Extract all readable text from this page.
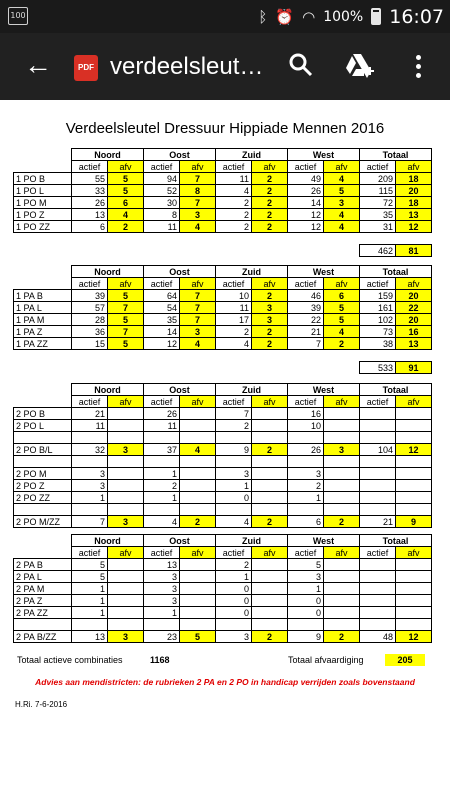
100	ᛒ ⏰ ◠ 100% 16:07
←	PDF verdeelsleut…
Verdeelsleutel Dressuur Hippiade Mennen 2016
	Noord		Oost		Zuid		West		Totaal	
	actief	afv	actief	afv	actief	afv	actief	afv	actief	afv
1 PO B	55	5	94	7	11	2	49	4	209	18
1 PO L	33	5	52	8	4	2	26	5	115	20
1 PO M	26	6	30	7	2	2	14	3	72	18
1 PO Z	13	4	8	3	2	2	12	4	35	13
1 PO ZZ	6	2	11	4	2	2	12	4	31	12

									462	81
	Noord		Oost		Zuid		West		Totaal	
	actief	afv	actief	afv	actief	afv	actief	afv	actief	afv
1 PA B	39	5	64	7	10	2	46	6	159	20
1 PA L	57	7	54	7	11	3	39	5	161	22
1 PA M	28	5	35	7	17	3	22	5	102	20
1 PA Z	36	7	14	3	2	2	21	4	73	16
1 PA ZZ	15	5	12	4	4	2	7	2	38	13

									533	91
	Noord		Oost		Zuid		West		Totaal	
	actief	afv	actief	afv	actief	afv	actief	afv	actief	afv
2 PO B	21		26		7		16			
2 PO L	11		11		2		10			

2 PO B/L	32	3	37	4	9	2	26	3	104	12

2 PO M	3		1		3		3			
2 PO Z	3		2		1		2			
2 PO ZZ	1		1		0		1			

2 PO M/ZZ	7	3	4	2	4	2	6	2	21	9
	Noord		Oost		Zuid		West		Totaal	
	actief	afv	actief	afv	actief	afv	actief	afv	actief	afv
2 PA B	5		13		2		5			
2 PA L	5		3		1		3			
2 PA M	1		3		0		1			
2 PA Z	1		3		0		0			
2 PA ZZ	1		1		0		0			

2 PA B/ZZ	13	3	23	5	3	2	9	2	48	12
Totaal actieve combinaties	1168	Totaal afvaardiging	205
Advies aan mendistricten: de rubrieken 2 PA en 2 PO in handicap verrijden zoals bovenstaand
H.Ri. 7-6-2016
